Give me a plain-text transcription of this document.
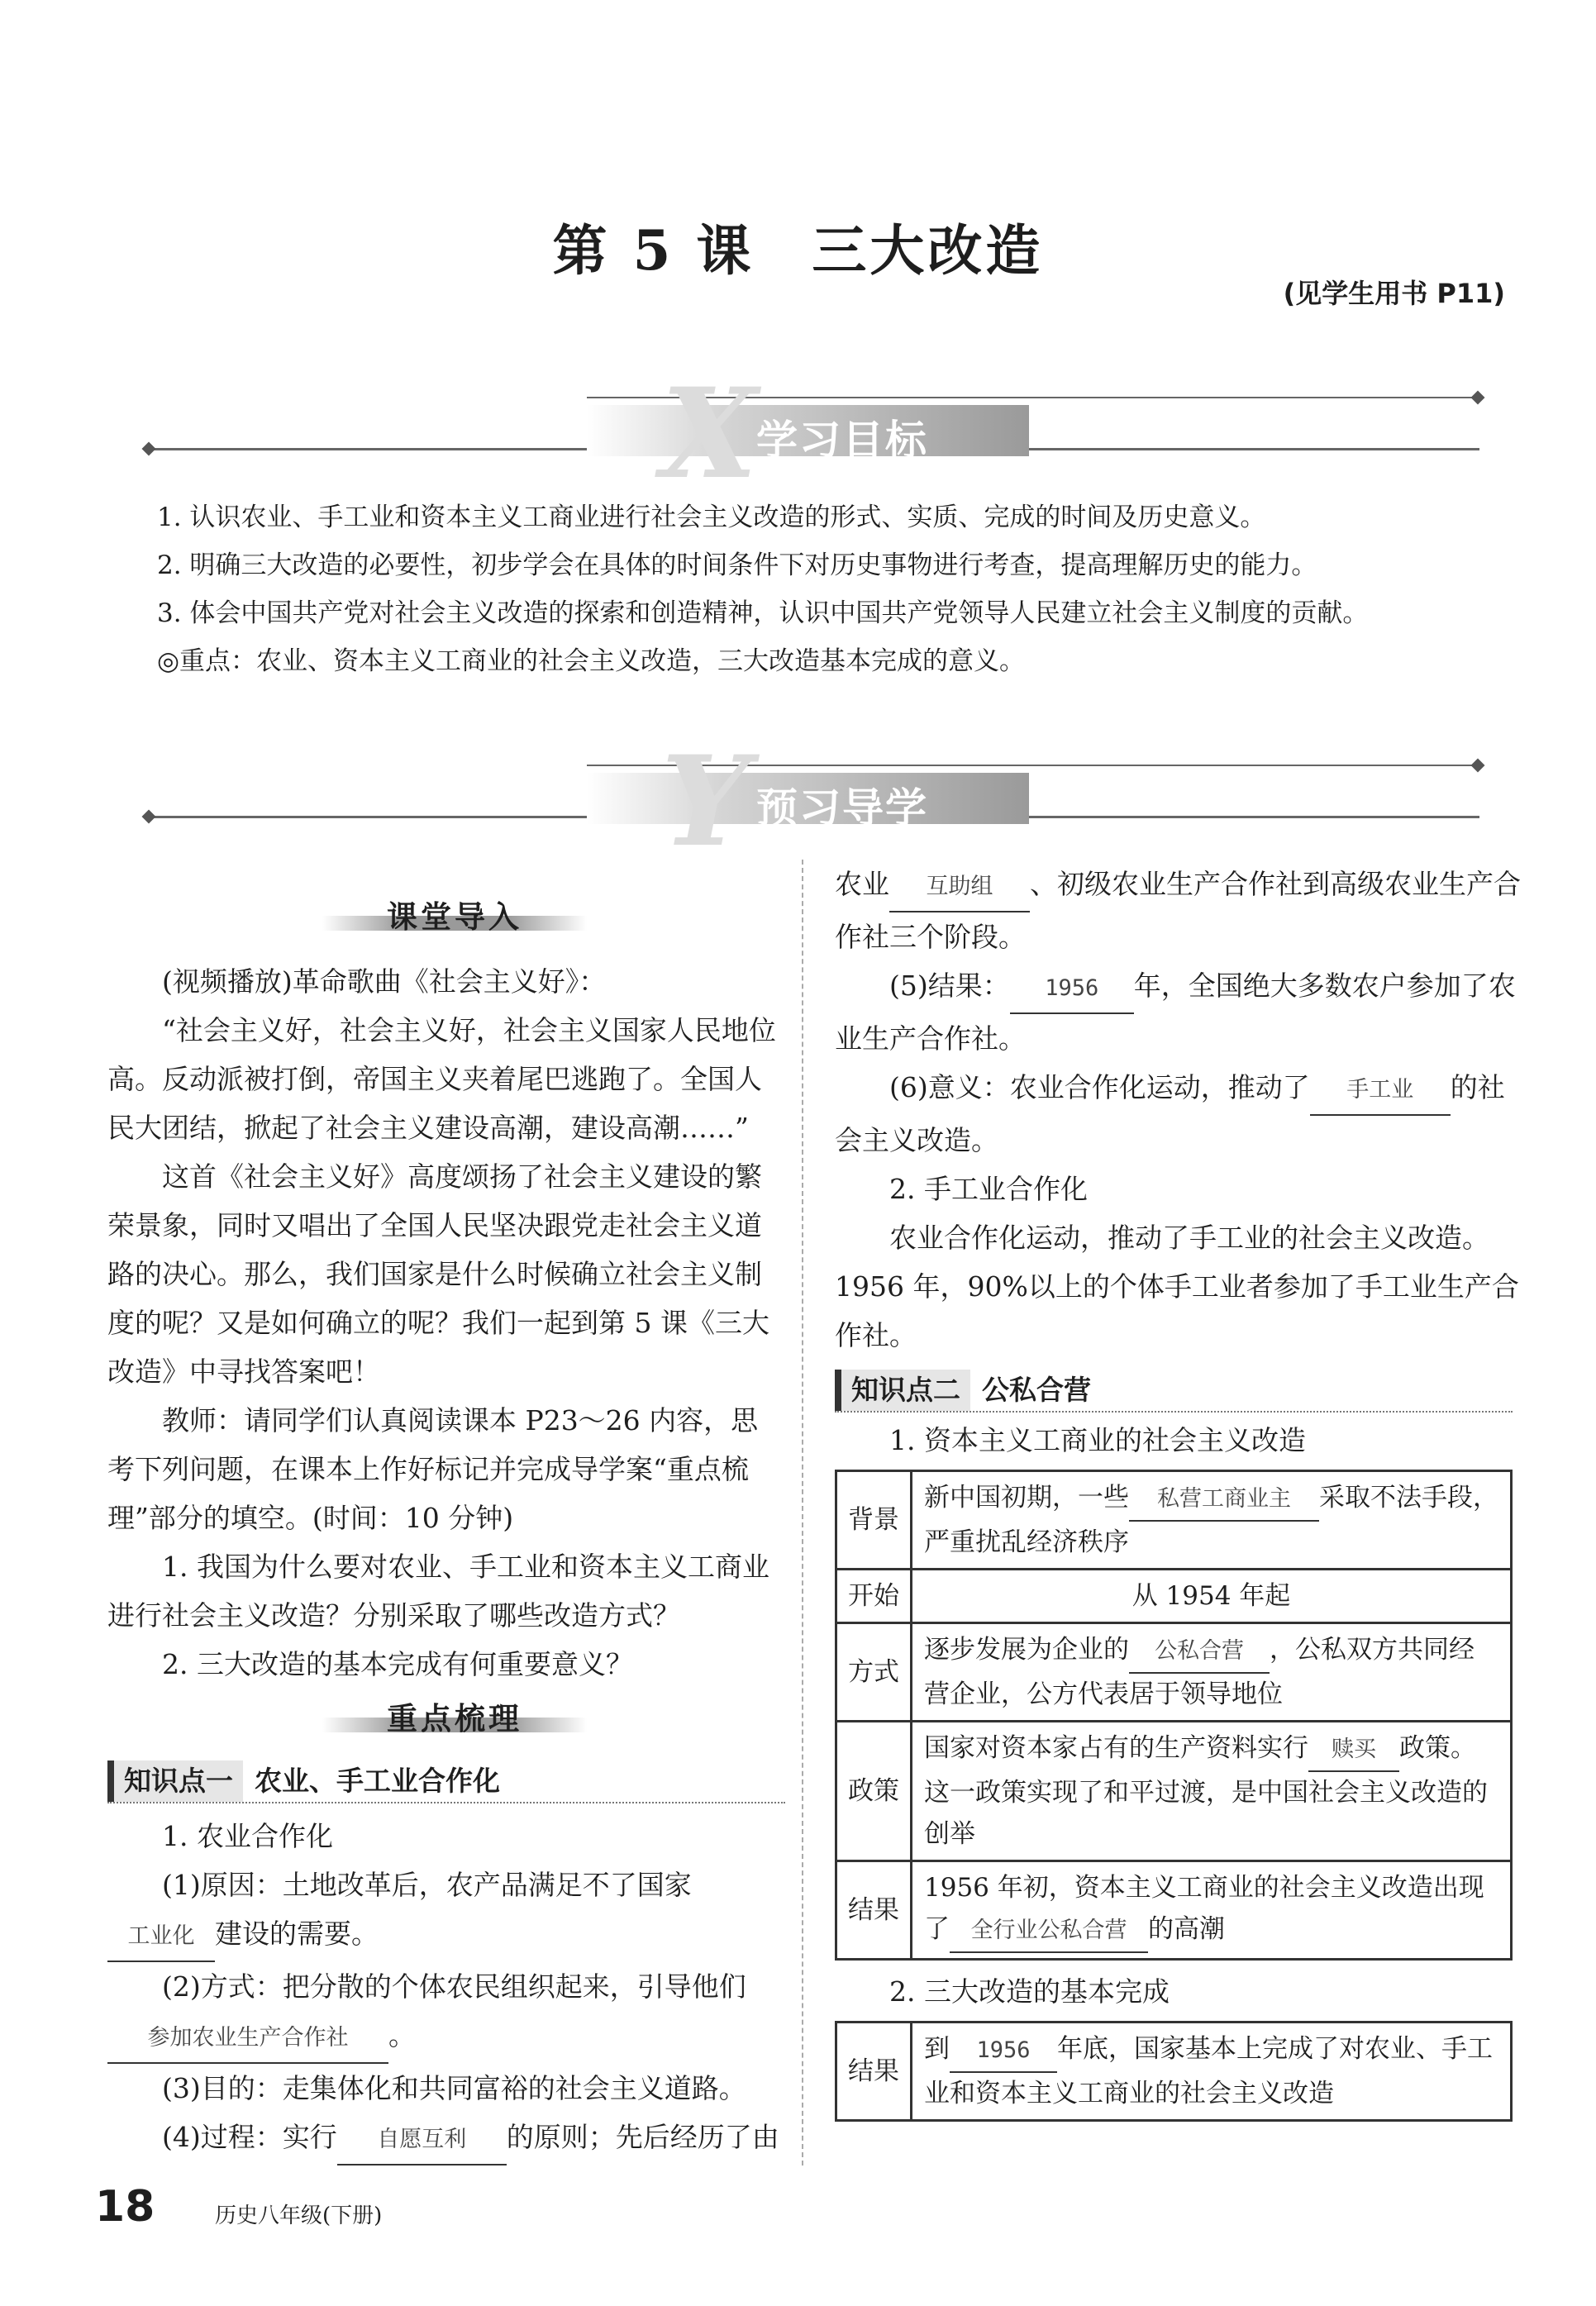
第 5 课　三大改造
(见学生用书 P11)
X
学习目标

1. 认识农业、手工业和资本主义工商业进行社会主义改造的形式、实质、完成的时间及历史意义。

2. 明确三大改造的必要性，初步学会在具体的时间条件下对历史事物进行考查，提高理解历史的能力。

3. 体会中国共产党对社会主义改造的探索和创造精神，认识中国共产党领导人民建立社会主义制度的贡献。

◎重点：农业、资本主义工商业的社会主义改造，三大改造基本完成的意义。

Y 预习导学
课堂导入

(视频播放)革命歌曲《社会主义好》：

“社会主义好，社会主义好，社会主义国家人民地位高。反动派被打倒，帝国主义夹着尾巴逃跑了。全国人民大团结，掀起了社会主义建设高潮，建设高潮……”

这首《社会主义好》高度颂扬了社会主义建设的繁荣景象，同时又唱出了全国人民坚决跟党走社会主义道路的决心。那么，我们国家是什么时候确立社会主义制度的呢？又是如何确立的呢？我们一起到第 5 课《三大改造》中寻找答案吧！

教师：请同学们认真阅读课本 P23～26 内容，思考下列问题，在课本上作好标记并完成导学案“重点梳理”部分的填空。(时间：10 分钟)

1. 我国为什么要对农业、手工业和资本主义工商业进行社会主义改造？分别采取了哪些改造方式？

2. 三大改造的基本完成有何重要意义？

重点梳理
知识点一 农业、手工业合作化

1. 农业合作化

(1)原因：土地改革后，农产品满足不了国家工业化 建设的需要。

(2)方式：把分散的个体农民组织起来，引导他们参加农业生产合作社 。

(3)目的：走集体化和共同富裕的社会主义道路。

(4)过程：实行 自愿互利 的原则；先后经历了由

农业 互助组 、初级农业生产合作社到高级农业生产合作社三个阶段。

(5)结果： 1956 年，全国绝大多数农户参加了农业生产合作社。

(6)意义：农业合作化运动，推动了 手工业 的社会主义改造。

2. 手工业合作化

农业合作化运动，推动了手工业的社会主义改造。1956 年，90%以上的个体手工业者参加了手工业生产合作社。

知识点二 公私合营

1. 资本主义工商业的社会主义改造

背景	新中国初期，一些 私营工商业主 采取不法手段，严重扰乱经济秩序
开始	从 1954 年起
方式	逐步发展为企业的 公私合营 ，公私双方共同经营企业，公方代表居于领导地位
政策	国家对资本家占有的生产资料实行 赎买 政策。这一政策实现了和平过渡，是中国社会主义改造的创举
结果	1956 年初，资本主义工商业的社会主义改造出现了 全行业公私合营 的高潮

2. 三大改造的基本完成

结果	到 1956 年底，国家基本上完成了对农业、手工业和资本主义工商业的社会主义改造
18	历史八年级(下册)
